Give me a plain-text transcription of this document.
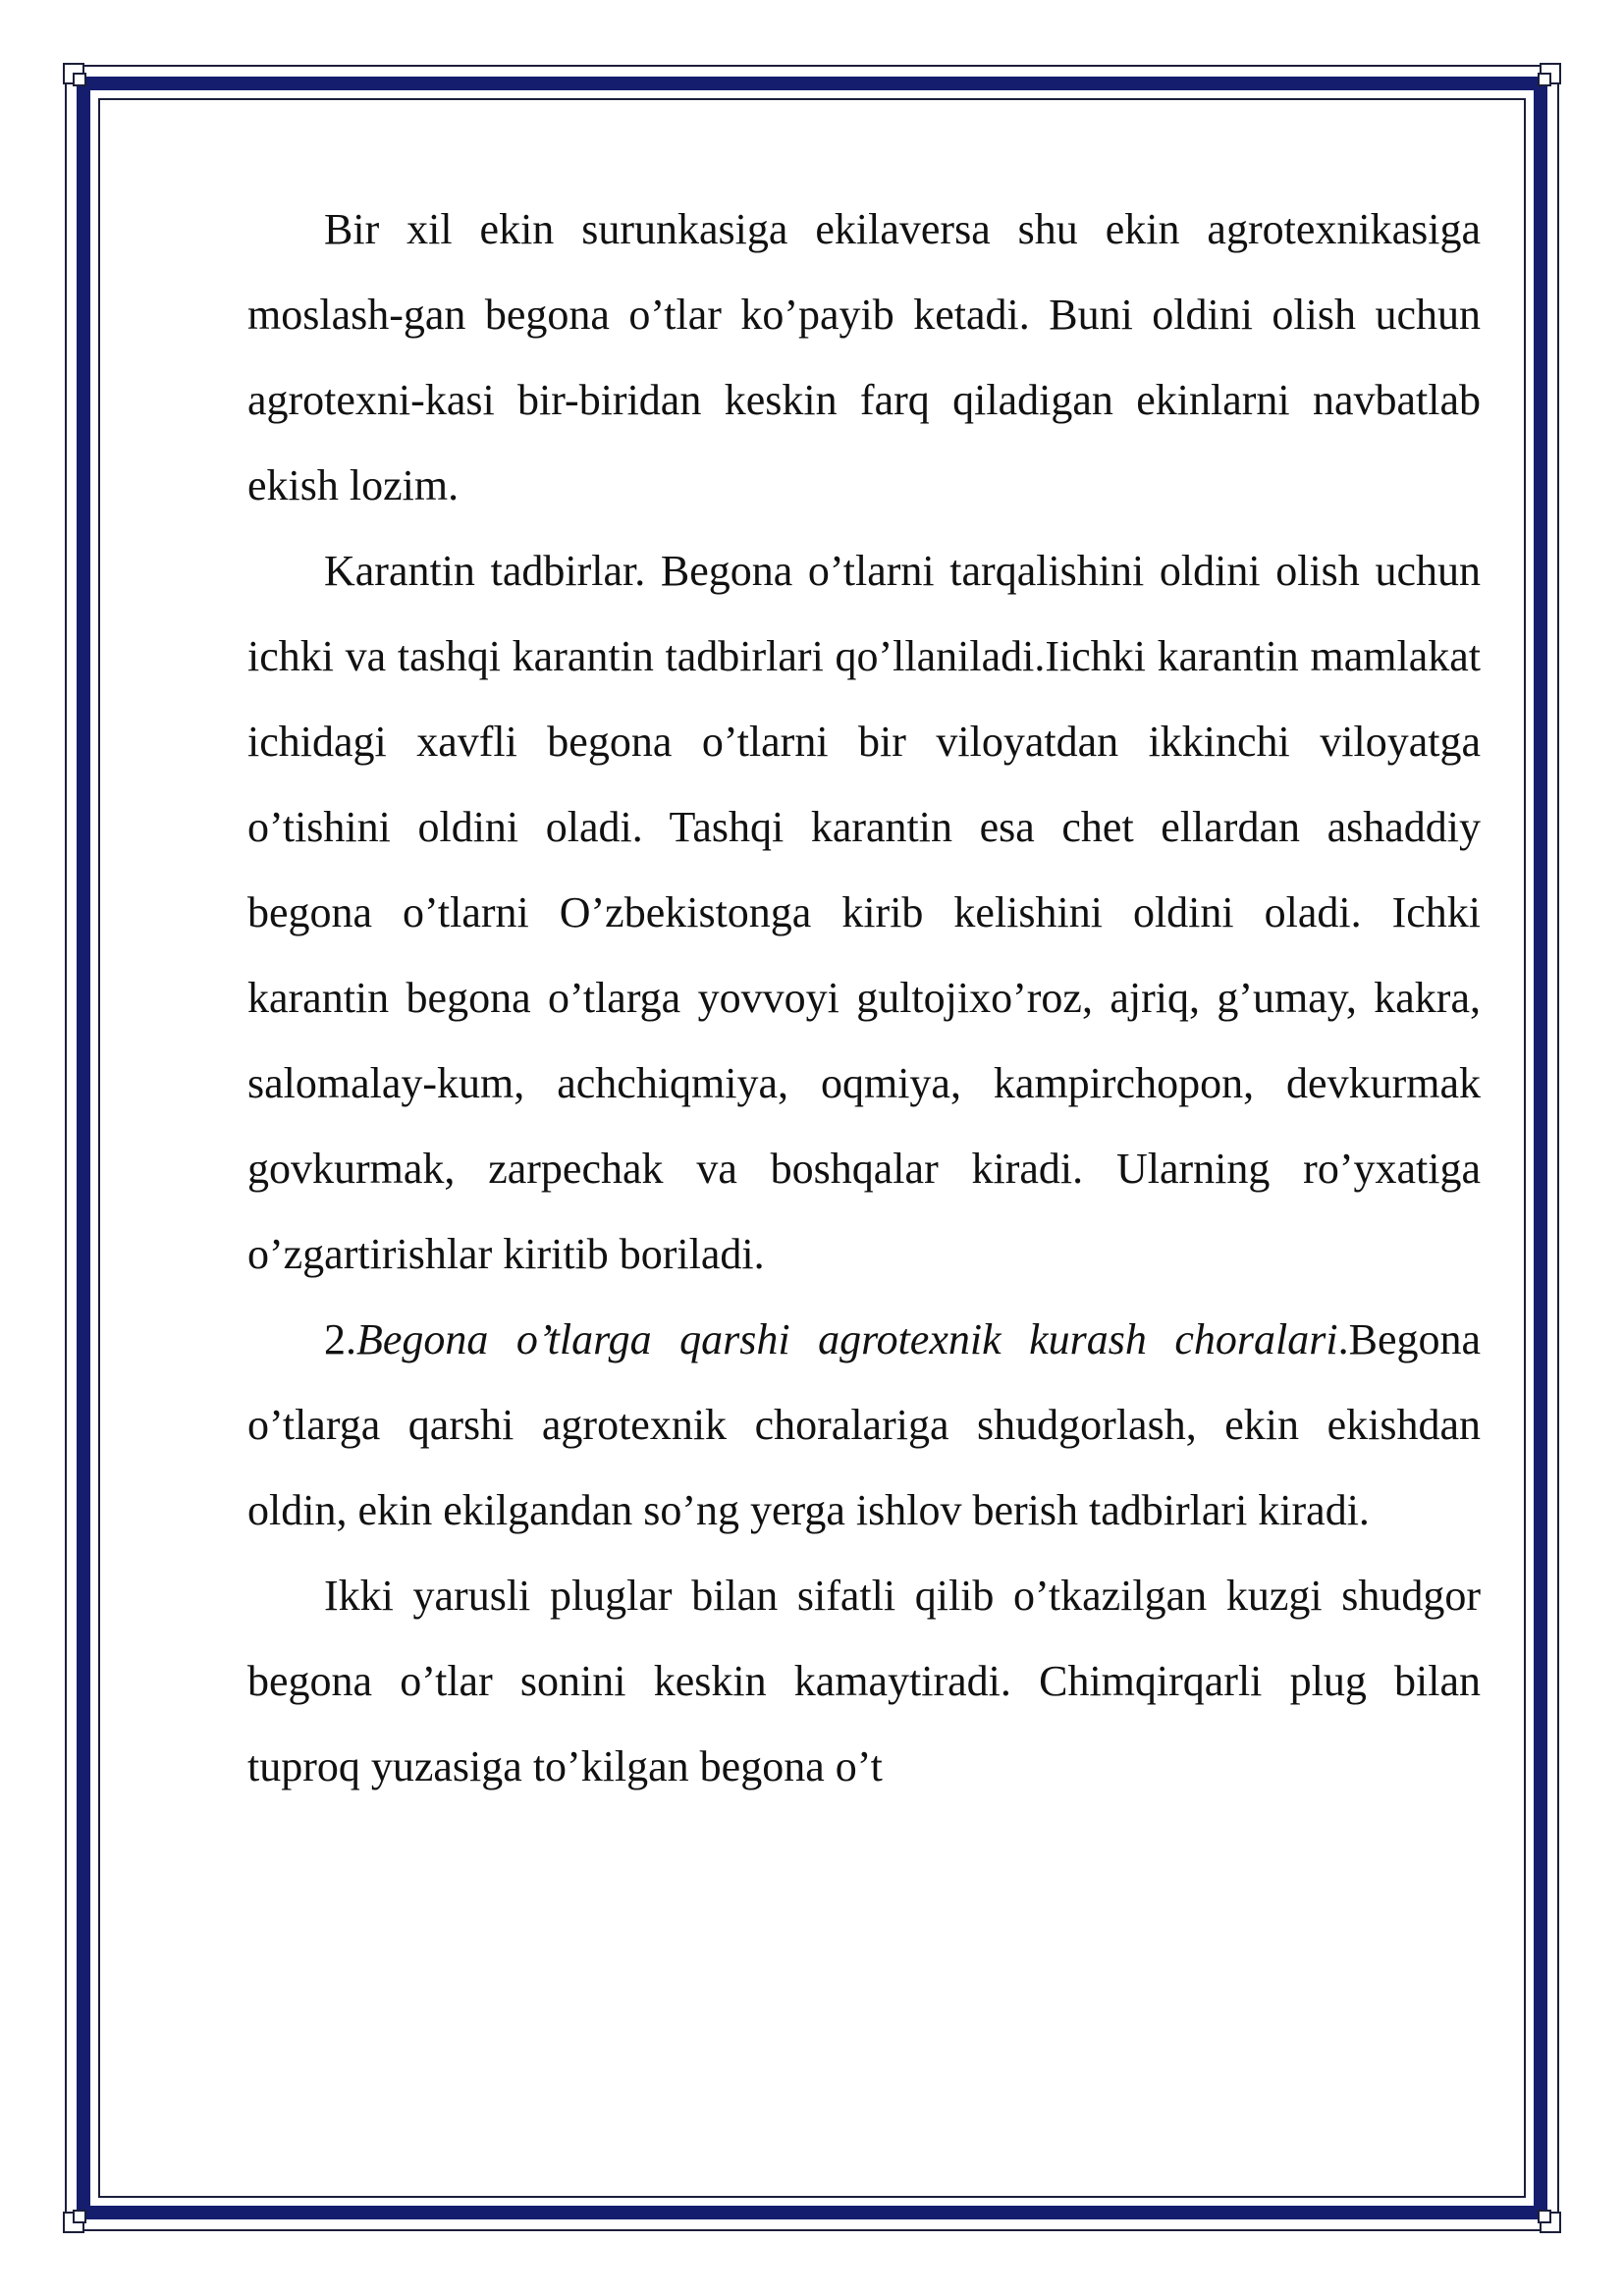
Bir xil ekin surunkasiga ekilaversa shu ekin agrotexnikasiga moslash-gan begona o’tlar ko’payib ketadi. Buni oldini olish uchun agrotexni-kasi bir-biridan keskin farq qiladigan ekinlarni navbatlab ekish lozim.

Karantin tadbirlar. Begona o’tlarni tarqalishini oldini olish uchun ichki va tashqi karantin tadbirlari qo’llaniladi.Iichki karantin mamlakat ichidagi xavfli begona o’tlarni bir viloyatdan ikkinchi viloyatga o’tishini oldini oladi. Tashqi karantin esa chet ellardan ashaddiy begona o’tlarni O’zbekistonga kirib kelishini oldini oladi. Ichki karantin begona o’tlarga yovvoyi gultojixo’roz, ajriq, g’umay, kakra, salomalay-kum, achchiqmiya, oqmiya, kampirchopon, devkurmak govkurmak, zarpechak va boshqalar kiradi. Ularning ro’yxatiga o’zgartirishlar kiritib boriladi.

2.Begona o’tlarga qarshi agrotexnik kurash choralari.Begona o’tlarga qarshi agrotexnik choralariga shudgorlash, ekin ekishdan oldin, ekin ekilgandan so’ng yerga ishlov berish tadbirlari kiradi.

Ikki yarusli pluglar bilan sifatli qilib o’tkazilgan kuzgi shudgor begona o’tlar sonini keskin kamaytiradi. Chimqirqarli plug bilan tuproq yuzasiga to’kilgan begona o’t
